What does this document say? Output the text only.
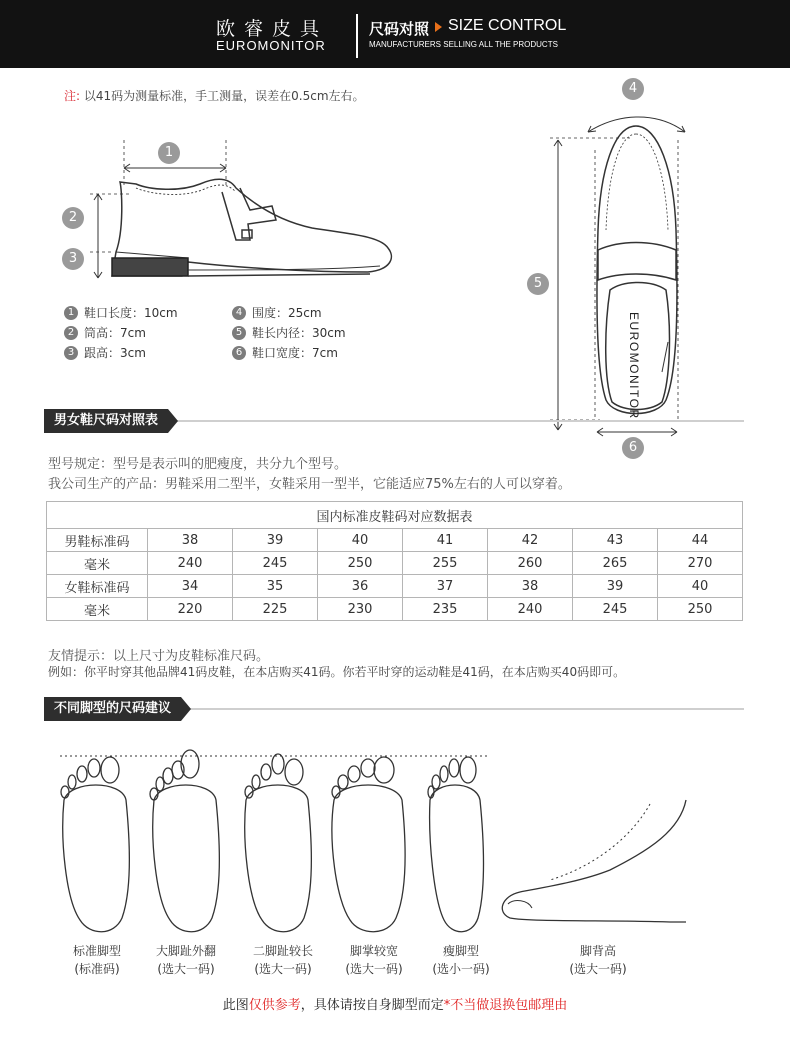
欧睿皮具
EUROMONITOR
尺码对照 SIZE CONTROL
MANUFACTURERS SELLING ALL THE PRODUCTS
注: 以41码为测量标准，手工测量，误差在0.5cm左右。
1
2
3
1 鞋口长度：10cm
2 筒高：7cm
3 跟高：3cm
4 围度：25cm
5 鞋长内径：30cm
6 鞋口宽度：7cm	EUROMONITOR
4
5
6
男女鞋尺码对照表
型号规定：型号是表示叫的肥瘦度，共分九个型号。
我公司生产的产品：男鞋采用二型半，女鞋采用一型半，它能适应75%左右的人可以穿着。
国内标准皮鞋码对应数据表							
男鞋标准码	38	39	40	41	42	43	44
毫米	240	245	250	255	260	265	270
女鞋标准码	34	35	36	37	38	39	40
毫米	220	225	230	235	240	245	250
友情提示：以上尺寸为皮鞋标准尺码。
例如：你平时穿其他品牌41码皮鞋，在本店购买41码。你若平时穿的运动鞋是41码，在本店购买40码即可。
不同脚型的尺码建议
标准脚型
(标准码)
大脚趾外翻
(选大一码)
二脚趾较长
(选大一码)
脚掌较宽
(选大一码)
瘦脚型
(选小一码)
脚背高
(选大一码)
此图仅供参考，具体请按自身脚型而定*不当做退换包邮理由
